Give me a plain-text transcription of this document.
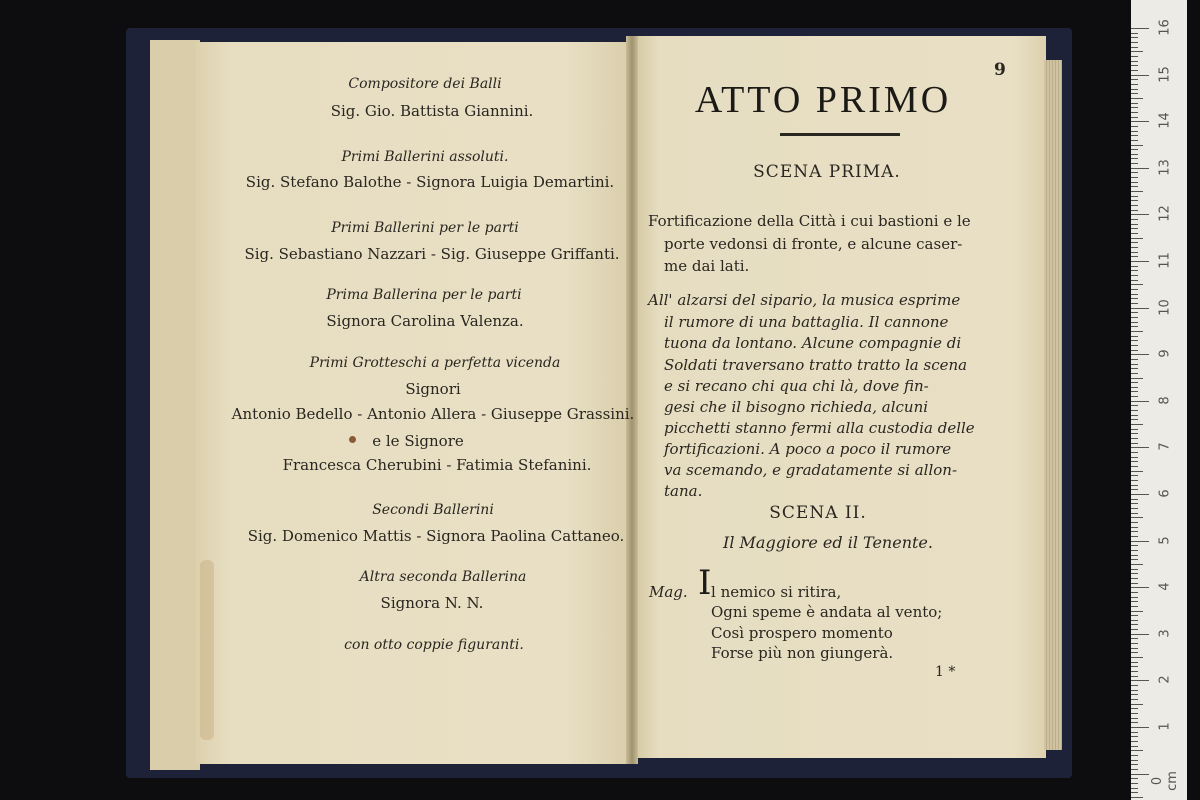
Compositore dei Balli
Sig. Gio. Battista Giannini.
Primi Ballerini assoluti.
Sig. Stefano Balothe - Signora Luigia Demartini.
Primi Ballerini per le parti
Sig. Sebastiano Nazzari - Sig. Giuseppe Griffanti.
Prima Ballerina per le parti
Signora Carolina Valenza.
Primi Grotteschi a perfetta vicenda
Signori
Antonio Bedello - Antonio Allera - Giuseppe Grassini.
e le Signore
Francesca Cherubini - Fatimia Stefanini.
Secondi Ballerini
Sig. Domenico Mattis - Signora Paolina Cattaneo.
Altra seconda Ballerina
Signora N. N.
con otto coppie figuranti.
9
ATTO PRIMO
SCENA PRIMA.
Fortificazione della Città i cui bastioni e le
porte vedonsi di fronte, e alcune caser-
me dai lati.
All' alzarsi del sipario, la musica esprime
il rumore di una battaglia. Il cannone
tuona da lontano. Alcune compagnie di
Soldati traversano tratto tratto la scena
e si recano chi qua chi là, dove fin-
gesi che il bisogno richieda, alcuni
picchetti stanno fermi alla custodia delle
fortificazioni. A poco a poco il rumore
va scemando, e gradatamente si allon-
tana.
SCENA II.
Il Maggiore ed il Tenente.
Mag. I l nemico si ritira,
Ogni speme è andata al vento;
Così prospero momento
Forse più non giungerà.
1 *
16
15
14
13
12
11
10
9
8
7
6
5
4
3
2
1
0 cm
